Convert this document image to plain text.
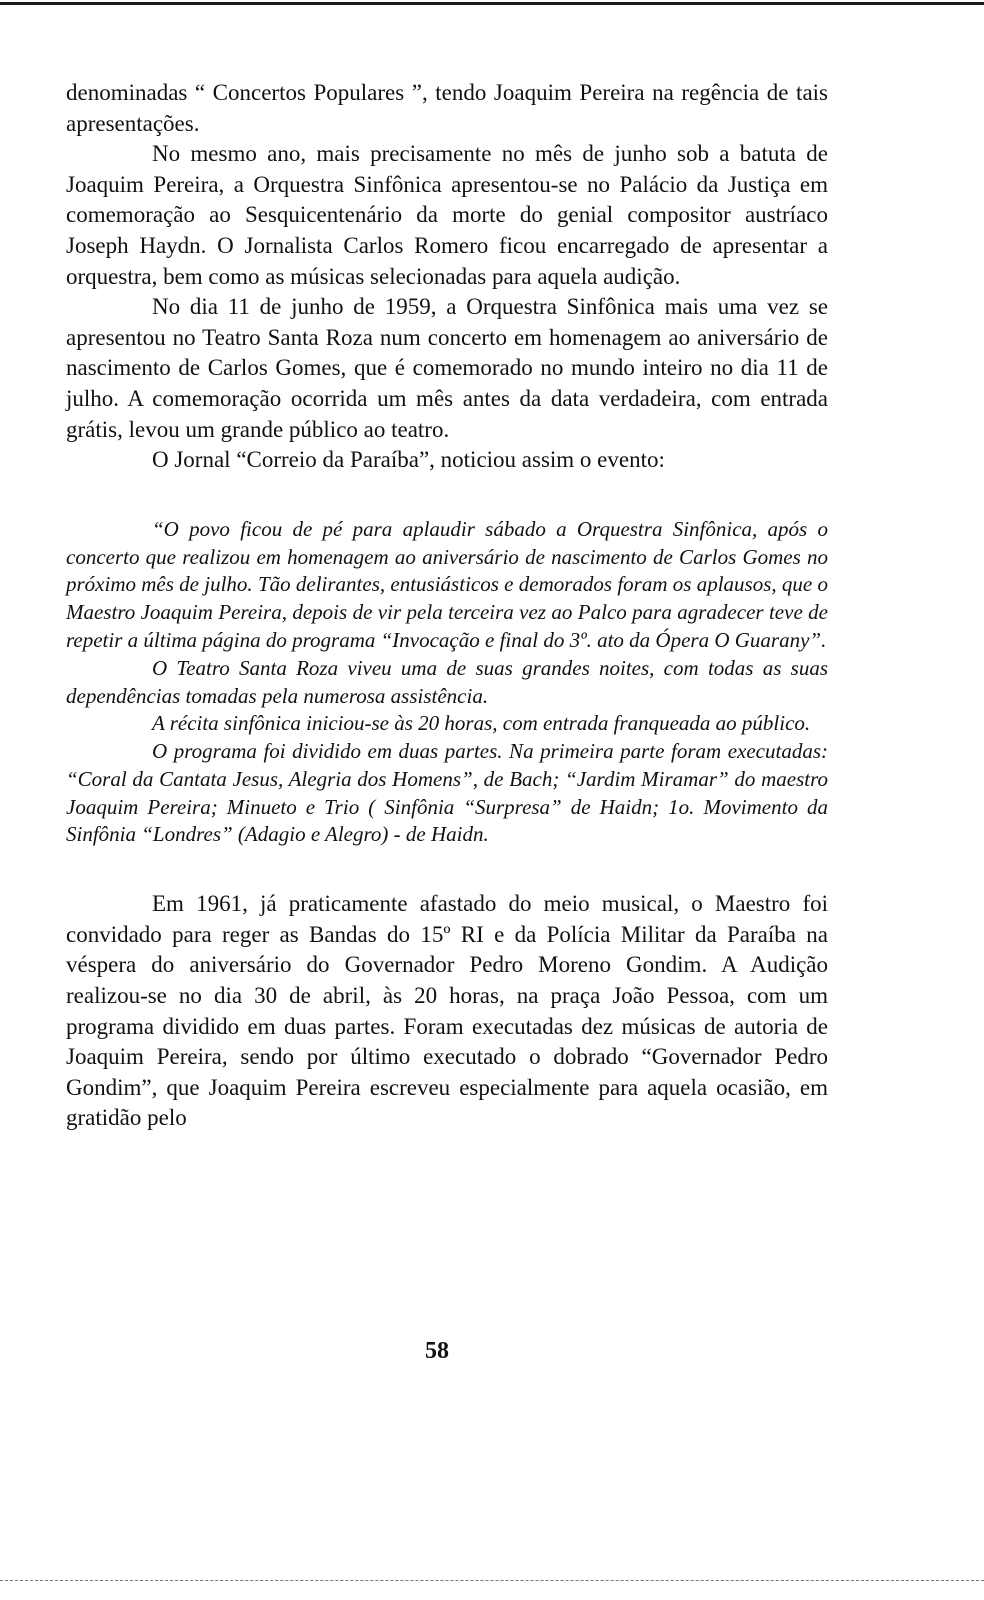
denominadas “ Concertos Populares ”, tendo Joaquim Pereira na regência de tais apresentações.

No mesmo ano, mais precisamente no mês de junho sob a batuta de Joaquim Pereira, a Orquestra Sinfônica apresentou-se no Palácio da Justiça em comemoração ao Sesquicentenário da morte do genial compositor austríaco Joseph Haydn. O Jornalista Carlos Romero ficou encarregado de apresentar a orquestra, bem como as músicas selecionadas para aquela audição.

No dia 11 de junho de 1959, a Orquestra Sinfônica mais uma vez se apresentou no Teatro Santa Roza num concerto em homenagem ao aniversário de nascimento de Carlos Gomes, que é comemorado no mundo inteiro no dia 11 de julho. A comemoração ocorrida um mês antes da data verdadeira, com entrada grátis, levou um grande público ao teatro.

O Jornal “Correio da Paraíba”, noticiou assim o evento:

“O povo ficou de pé para aplaudir sábado a Orquestra Sinfônica, após o concerto que realizou em homenagem ao aniversário de nascimento de Carlos Gomes no próximo mês de julho. Tão delirantes, entusiásticos e demorados foram os aplausos, que o Maestro Joaquim Pereira, depois de vir pela terceira vez ao Palco para agradecer teve de repetir a última página do programa “Invocação e final do 3º. ato da Ópera O Guarany”.

O Teatro Santa Roza viveu uma de suas grandes noites, com todas as suas dependências tomadas pela numerosa assistência.

A récita sinfônica iniciou-se às 20 horas, com entrada franqueada ao público.

O programa foi dividido em duas partes. Na primeira parte foram executadas: “Coral da Cantata Jesus, Alegria dos Homens”, de Bach; “Jardim Miramar” do maestro Joaquim Pereira; Minueto e Trio ( Sinfônia “Surpresa” de Haidn; 1o. Movimento da Sinfônia “Londres” (Adagio e Alegro) - de Haidn.

Em 1961, já praticamente afastado do meio musical, o Maestro foi convidado para reger as Bandas do 15º RI e da Polícia Militar da Paraíba na véspera do aniversário do Governador Pedro Moreno Gondim. A Audição realizou-se no dia 30 de abril, às 20 horas, na praça João Pessoa, com um programa dividido em duas partes. Foram executadas dez músicas de autoria de Joaquim Pereira, sendo por último executado o dobrado “Governador Pedro Gondim”, que Joaquim Pereira escreveu especialmente para aquela ocasião, em gratidão pelo

58
